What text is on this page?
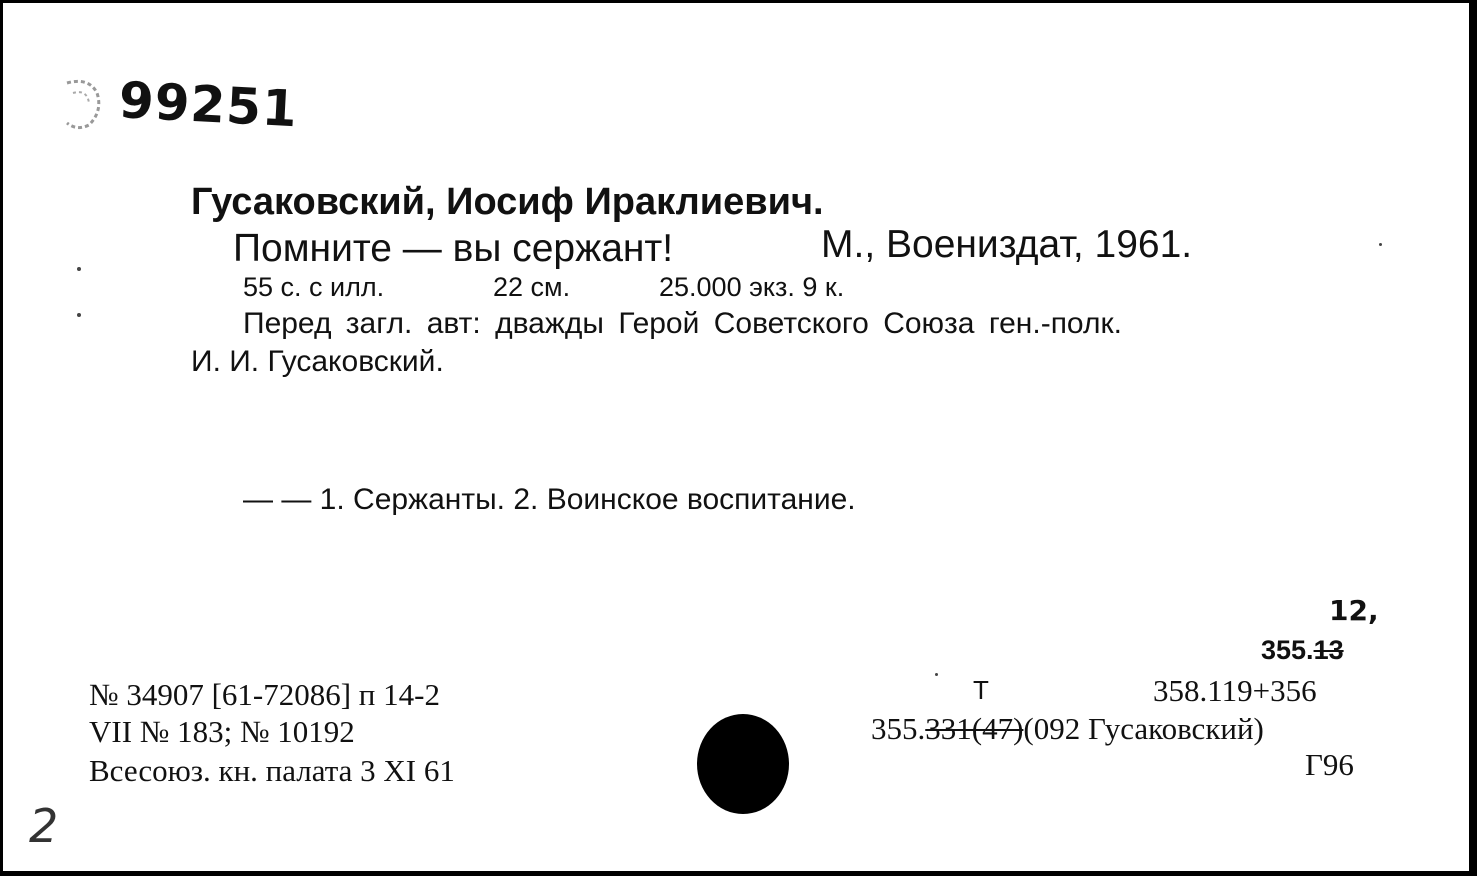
99251
Гусаковский, Иосиф Ираклиевич.
Помните — вы сержант!	М., Воениздат, 1961.
55 с. с илл.	22 см.	25.000 экз. 9 к.
Перед загл. авт: дважды Герой Советского Союза ген.-полк.
И. И. Гусаковский.
— — 1. Сержанты. 2. Воинское воспитание.
№ 34907 [61-72086] п 14-2
VII № 183; № 10192
Всесоюз. кн. палата 3 XI 61
12,
355.13
Т	358.119+356
355.331(47)(092 Гусаковский)
Г96
2
